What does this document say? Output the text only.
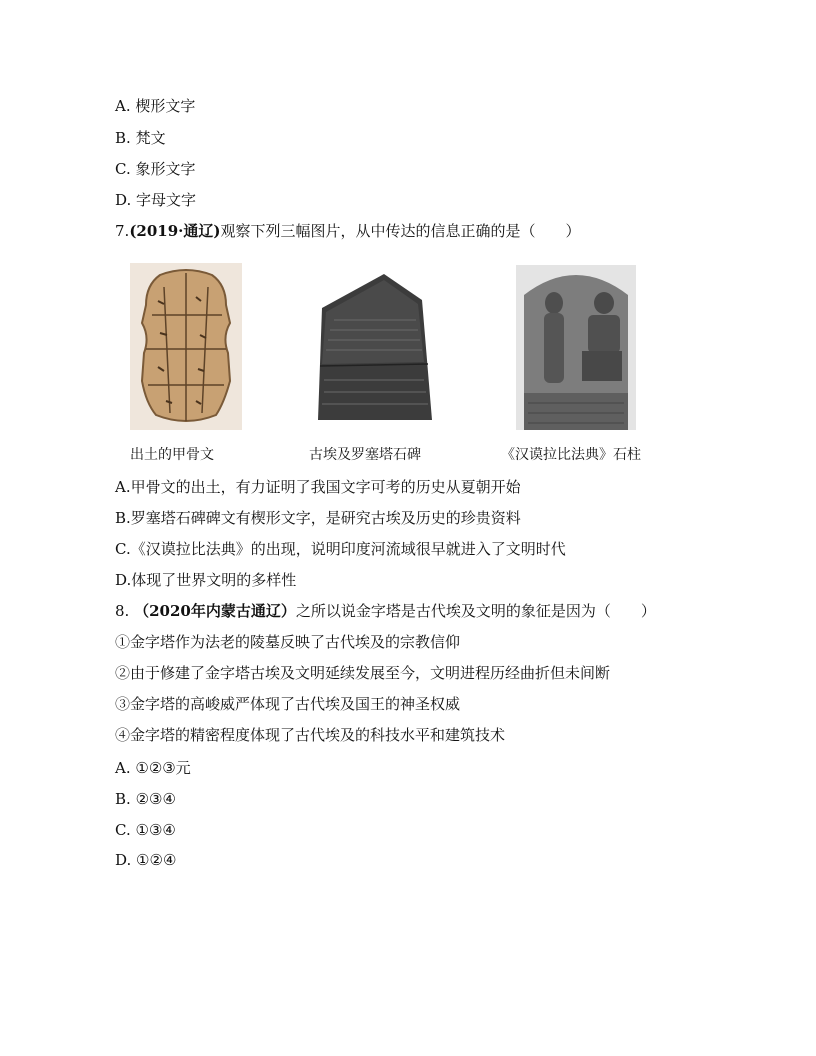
A. 楔形文字
B. 梵文
C. 象形文字
D. 字母文字
7.(2019·通辽)观察下列三幅图片，从中传达的信息正确的是（　　）
出土的甲骨文	古埃及罗塞塔石碑	《汉谟拉比法典》石柱
A.甲骨文的出土，有力证明了我国文字可考的历史从夏朝开始
B.罗塞塔石碑碑文有楔形文字，是研究古埃及历史的珍贵资料
C.《汉谟拉比法典》的出现，说明印度河流域很早就进入了文明时代
D.体现了世界文明的多样性
8. （2020年内蒙古通辽）之所以说金字塔是古代埃及文明的象征是因为（　　）
①金字塔作为法老的陵墓反映了古代埃及的宗教信仰
②由于修建了金字塔古埃及文明延续发展至今，文明进程历经曲折但未间断
③金字塔的高峻威严体现了古代埃及国王的神圣权威
④金字塔的精密程度体现了古代埃及的科技水平和建筑技术
A. ①②③元
B. ②③④
C. ①③④
D. ①②④
